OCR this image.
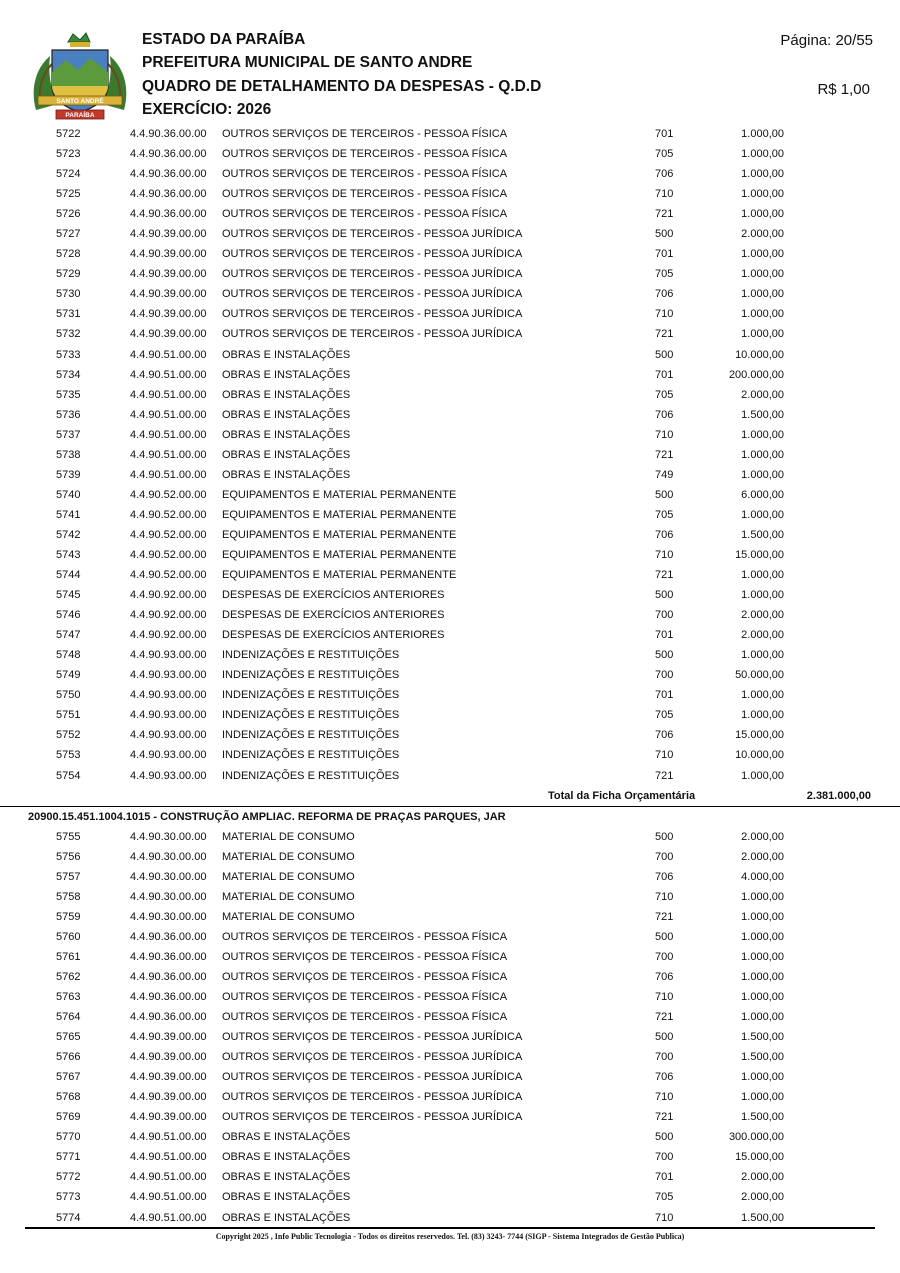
SANTO ANDRÉ
PARAÍBA
ESTADO DA PARAÍBA
PREFEITURA MUNICIPAL DE SANTO ANDRE
QUADRO DE DETALHAMENTO DA DESPESAS - Q.D.D
EXERCÍCIO: 2026
Página: 20/55
R$ 1,00
5722	4.4.90.36.00.00 OUTROS SERVIÇOS DE TERCEIROS - PESSOA FÍSICA	701	1.000,00
5723	4.4.90.36.00.00 OUTROS SERVIÇOS DE TERCEIROS - PESSOA FÍSICA	705	1.000,00
5724	4.4.90.36.00.00 OUTROS SERVIÇOS DE TERCEIROS - PESSOA FÍSICA	706	1.000,00
5725	4.4.90.36.00.00 OUTROS SERVIÇOS DE TERCEIROS - PESSOA FÍSICA	710	1.000,00
5726	4.4.90.36.00.00 OUTROS SERVIÇOS DE TERCEIROS - PESSOA FÍSICA	721	1.000,00
5727	4.4.90.39.00.00 OUTROS SERVIÇOS DE TERCEIROS - PESSOA JURÍDICA	500	2.000,00
5728	4.4.90.39.00.00 OUTROS SERVIÇOS DE TERCEIROS - PESSOA JURÍDICA	701	1.000,00
5729	4.4.90.39.00.00 OUTROS SERVIÇOS DE TERCEIROS - PESSOA JURÍDICA	705	1.000,00
5730	4.4.90.39.00.00 OUTROS SERVIÇOS DE TERCEIROS - PESSOA JURÍDICA	706	1.000,00
5731	4.4.90.39.00.00 OUTROS SERVIÇOS DE TERCEIROS - PESSOA JURÍDICA	710	1.000,00
5732	4.4.90.39.00.00 OUTROS SERVIÇOS DE TERCEIROS - PESSOA JURÍDICA	721	1.000,00
5733	4.4.90.51.00.00 OBRAS E INSTALAÇÕES	500	10.000,00
5734	4.4.90.51.00.00 OBRAS E INSTALAÇÕES	701	200.000,00
5735	4.4.90.51.00.00 OBRAS E INSTALAÇÕES	705	2.000,00
5736	4.4.90.51.00.00 OBRAS E INSTALAÇÕES	706	1.500,00
5737	4.4.90.51.00.00 OBRAS E INSTALAÇÕES	710	1.000,00
5738	4.4.90.51.00.00 OBRAS E INSTALAÇÕES	721	1.000,00
5739	4.4.90.51.00.00 OBRAS E INSTALAÇÕES	749	1.000,00
5740	4.4.90.52.00.00 EQUIPAMENTOS E MATERIAL PERMANENTE	500	6.000,00
5741	4.4.90.52.00.00 EQUIPAMENTOS E MATERIAL PERMANENTE	705	1.000,00
5742	4.4.90.52.00.00 EQUIPAMENTOS E MATERIAL PERMANENTE	706	1.500,00
5743	4.4.90.52.00.00 EQUIPAMENTOS E MATERIAL PERMANENTE	710	15.000,00
5744	4.4.90.52.00.00 EQUIPAMENTOS E MATERIAL PERMANENTE	721	1.000,00
5745	4.4.90.92.00.00 DESPESAS DE EXERCÍCIOS ANTERIORES	500	1.000,00
5746	4.4.90.92.00.00 DESPESAS DE EXERCÍCIOS ANTERIORES	700	2.000,00
5747	4.4.90.92.00.00 DESPESAS DE EXERCÍCIOS ANTERIORES	701	2.000,00
5748	4.4.90.93.00.00 INDENIZAÇÕES E RESTITUIÇÕES	500	1.000,00
5749	4.4.90.93.00.00 INDENIZAÇÕES E RESTITUIÇÕES	700	50.000,00
5750	4.4.90.93.00.00 INDENIZAÇÕES E RESTITUIÇÕES	701	1.000,00
5751	4.4.90.93.00.00 INDENIZAÇÕES E RESTITUIÇÕES	705	1.000,00
5752	4.4.90.93.00.00 INDENIZAÇÕES E RESTITUIÇÕES	706	15.000,00
5753	4.4.90.93.00.00 INDENIZAÇÕES E RESTITUIÇÕES	710	10.000,00
5754	4.4.90.93.00.00 INDENIZAÇÕES E RESTITUIÇÕES	721	1.000,00
Total da Ficha Orçamentária	2.381.000,00
20900.15.451.1004.1015 - CONSTRUÇÃO AMPLIAC. REFORMA DE PRAÇAS PARQUES, JAR
5755	4.4.90.30.00.00 MATERIAL DE CONSUMO	500	2.000,00
5756	4.4.90.30.00.00 MATERIAL DE CONSUMO	700	2.000,00
5757	4.4.90.30.00.00 MATERIAL DE CONSUMO	706	4.000,00
5758	4.4.90.30.00.00 MATERIAL DE CONSUMO	710	1.000,00
5759	4.4.90.30.00.00 MATERIAL DE CONSUMO	721	1.000,00
5760	4.4.90.36.00.00 OUTROS SERVIÇOS DE TERCEIROS - PESSOA FÍSICA	500	1.000,00
5761	4.4.90.36.00.00 OUTROS SERVIÇOS DE TERCEIROS - PESSOA FÍSICA	700	1.000,00
5762	4.4.90.36.00.00 OUTROS SERVIÇOS DE TERCEIROS - PESSOA FÍSICA	706	1.000,00
5763	4.4.90.36.00.00 OUTROS SERVIÇOS DE TERCEIROS - PESSOA FÍSICA	710	1.000,00
5764	4.4.90.36.00.00 OUTROS SERVIÇOS DE TERCEIROS - PESSOA FÍSICA	721	1.000,00
5765	4.4.90.39.00.00 OUTROS SERVIÇOS DE TERCEIROS - PESSOA JURÍDICA	500	1.500,00
5766	4.4.90.39.00.00 OUTROS SERVIÇOS DE TERCEIROS - PESSOA JURÍDICA	700	1.500,00
5767	4.4.90.39.00.00 OUTROS SERVIÇOS DE TERCEIROS - PESSOA JURÍDICA	706	1.000,00
5768	4.4.90.39.00.00 OUTROS SERVIÇOS DE TERCEIROS - PESSOA JURÍDICA	710	1.000,00
5769	4.4.90.39.00.00 OUTROS SERVIÇOS DE TERCEIROS - PESSOA JURÍDICA	721	1.500,00
5770	4.4.90.51.00.00 OBRAS E INSTALAÇÕES	500	300.000,00
5771	4.4.90.51.00.00 OBRAS E INSTALAÇÕES	700	15.000,00
5772	4.4.90.51.00.00 OBRAS E INSTALAÇÕES	701	2.000,00
5773	4.4.90.51.00.00 OBRAS E INSTALAÇÕES	705	2.000,00
5774	4.4.90.51.00.00 OBRAS E INSTALAÇÕES	710	1.500,00
Copyright 2025 , Info Public Tecnologia - Todos os direitos reservedos. Tel. (83) 3243- 7744 (SIGP - Sistema Integrados de Gestão Publica)
